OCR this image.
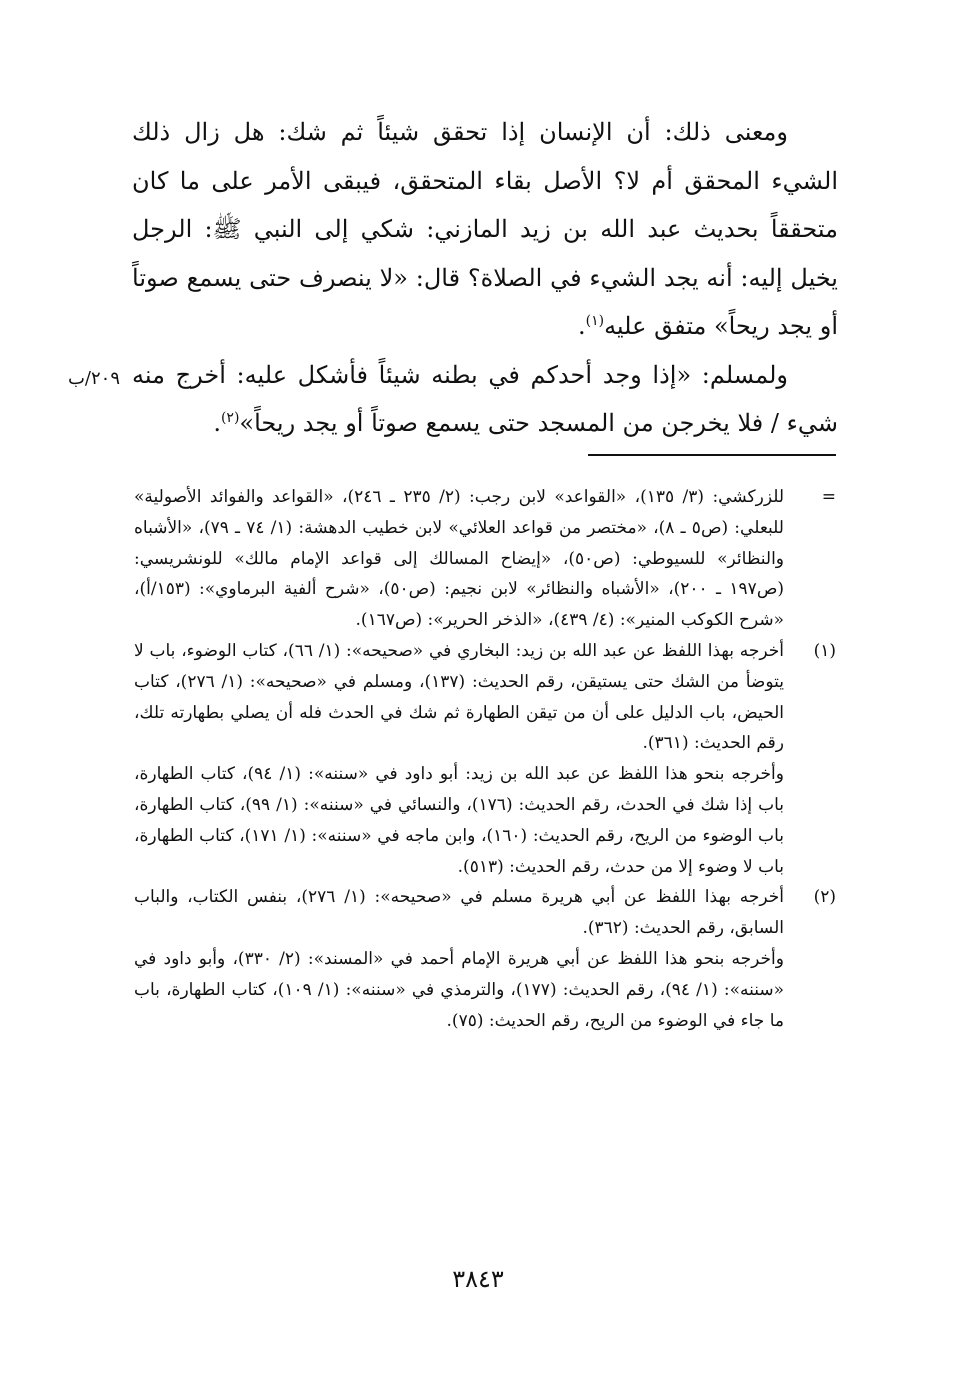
ومعنى ذلك: أن الإنسان إذا تحقق شيئاً ثم شك: هل زال ذلك الشيء المحقق أم لا؟ الأصل بقاء المتحقق، فيبقى الأمر على ما كان متحققاً بحديث عبد الله بن زيد المازني: شكي إلى النبي ﷺ: الرجل يخيل إليه: أنه يجد الشيء في الصلاة؟ قال: «لا ينصرف حتى يسمع صوتاً أو يجد ريحاً» متفق عليه$^{(١)}$.

ولمسلم: «إذا وجد أحدكم في بطنه شيئاً فأشكل عليه: أخرج منه شيء / فلا يخرجن من المسجد حتى يسمع صوتاً أو يجد ريحاً»$^{(٢)}$.

٢٠٩/ب
=

للزركشي: (٣/ ١٣٥)، «القواعد» لابن رجب: (٢/ ٢٣٥ ـ ٢٤٦)، «القواعد والفوائد الأصولية» للبعلي: (ص٥ ـ ٨)، «مختصر من قواعد العلائي» لابن خطيب الدهشة: (١/ ٧٤ ـ ٧٩)، «الأشباه والنظائر» للسيوطي: (ص٥٠)، «إيضاح المسالك إلى قواعد الإمام مالك» للونشريسي: (ص١٩٧ ـ ٢٠٠)، «الأشباه والنظائر» لابن نجيم: (ص٥٠)، «شرح ألفية البرماوي»: (١٥٣/أ)، «شرح الكوكب المنير»: (٤/ ٤٣٩)، «الذخر الحرير»: (ص١٦٧).

(١)

أخرجه بهذا اللفظ عن عبد الله بن زيد: البخاري في «صحيحه»: (١/ ٦٦)، كتاب الوضوء، باب لا يتوضأ من الشك حتى يستيقن، رقم الحديث: (١٣٧)، ومسلم في «صحيحه»: (١/ ٢٧٦)، كتاب الحيض، باب الدليل على أن من تيقن الطهارة ثم شك في الحدث فله أن يصلي بطهارته تلك، رقم الحديث: (٣٦١).

وأخرجه بنحو هذا اللفظ عن عبد الله بن زيد: أبو داود في «سننه»: (١/ ٩٤)، كتاب الطهارة، باب إذا شك في الحدث، رقم الحديث: (١٧٦)، والنسائي في «سننه»: (١/ ٩٩)، كتاب الطهارة، باب الوضوء من الريح، رقم الحديث: (١٦٠)، وابن ماجه في «سننه»: (١/ ١٧١)، كتاب الطهارة، باب لا وضوء إلا من حدث، رقم الحديث: (٥١٣).

(٢)

أخرجه بهذا اللفظ عن أبي هريرة مسلم في «صحيحه»: (١/ ٢٧٦)، بنفس الكتاب، والباب السابق، رقم الحديث: (٣٦٢).

وأخرجه بنحو هذا اللفظ عن أبي هريرة الإمام أحمد في «المسند»: (٢/ ٣٣٠)، وأبو داود في «سننه»: (١/ ٩٤)، رقم الحديث: (١٧٧)، والترمذي في «سننه»: (١/ ١٠٩)، كتاب الطهارة، باب ما جاء في الوضوء من الريح، رقم الحديث: (٧٥).

٣٨٤٣
